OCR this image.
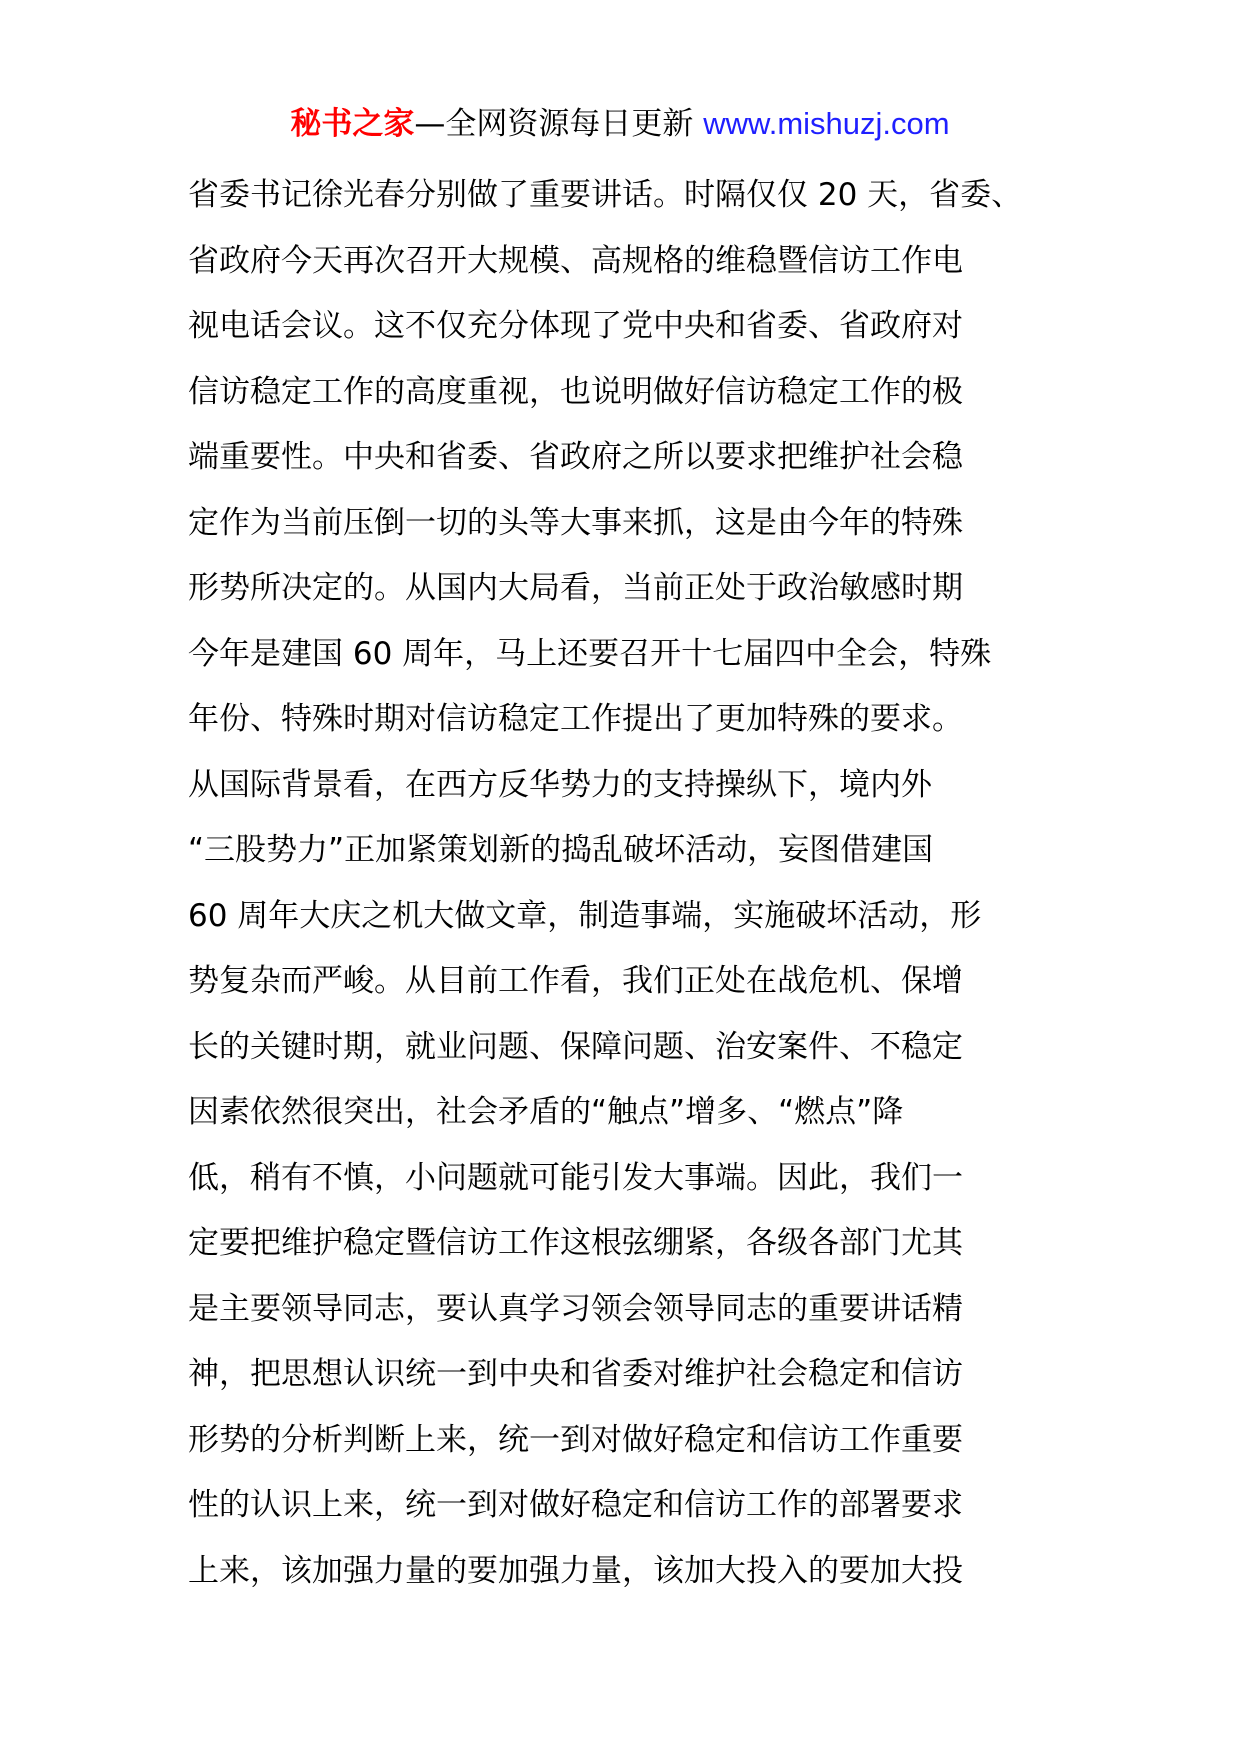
秘书之家—全网资源每日更新 www.mishuzj.com
省委书记徐光春分别做了重要讲话。时隔仅仅 20 天，省委、
省政府今天再次召开大规模、高规格的维稳暨信访工作电
视电话会议。这不仅充分体现了党中央和省委、省政府对
信访稳定工作的高度重视，也说明做好信访稳定工作的极
端重要性。中央和省委、省政府之所以要求把维护社会稳
定作为当前压倒一切的头等大事来抓，这是由今年的特殊
形势所决定的。从国内大局看，当前正处于政治敏感时期
今年是建国 60 周年，马上还要召开十七届四中全会，特殊
年份、特殊时期对信访稳定工作提出了更加特殊的要求。
从国际背景看，在西方反华势力的支持操纵下，境内外
“三股势力”正加紧策划新的捣乱破坏活动，妄图借建国
60 周年大庆之机大做文章，制造事端，实施破坏活动，形
势复杂而严峻。从目前工作看，我们正处在战危机、保增
长的关键时期，就业问题、保障问题、治安案件、不稳定
因素依然很突出，社会矛盾的“触点”增多、“燃点”降
低，稍有不慎，小问题就可能引发大事端。因此，我们一
定要把维护稳定暨信访工作这根弦绷紧，各级各部门尤其
是主要领导同志，要认真学习领会领导同志的重要讲话精
神，把思想认识统一到中央和省委对维护社会稳定和信访
形势的分析判断上来，统一到对做好稳定和信访工作重要
性的认识上来，统一到对做好稳定和信访工作的部署要求
上来，该加强力量的要加强力量，该加大投入的要加大投
